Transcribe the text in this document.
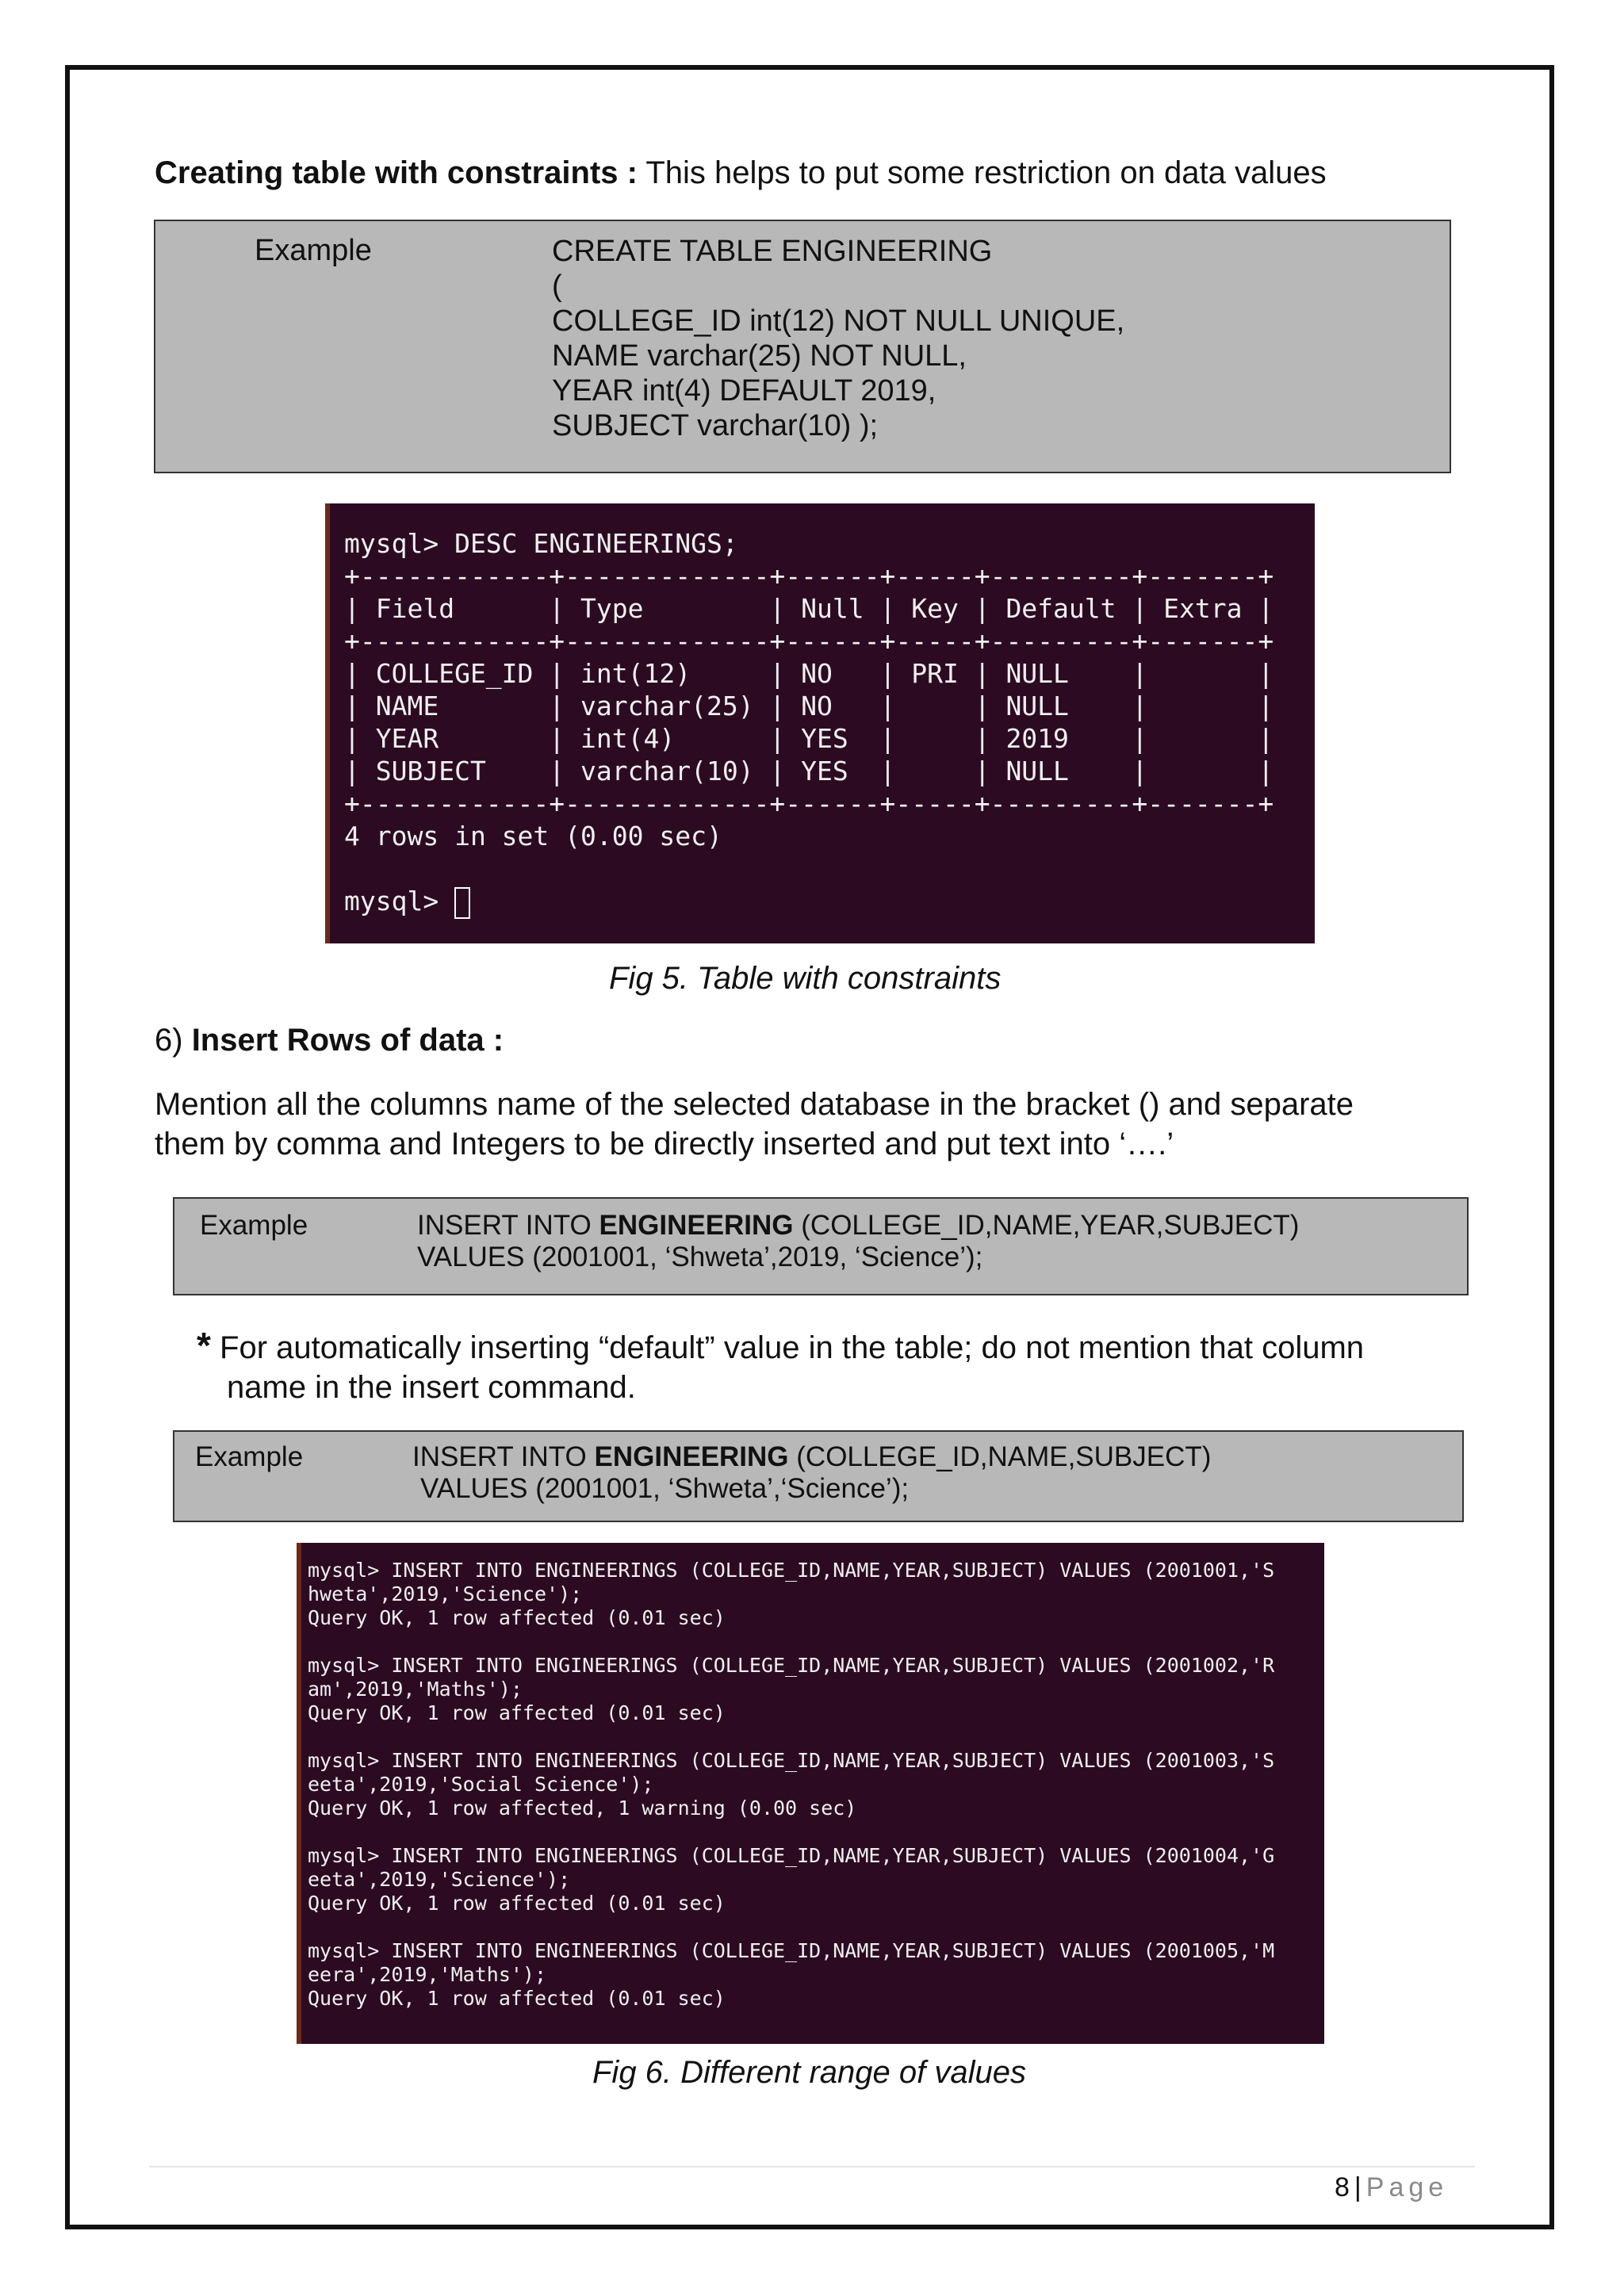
Creating table with constraints : This helps to put some restriction on data values
Example	CREATE TABLE ENGINEERING
(
COLLEGE_ID int(12) NOT NULL UNIQUE,
NAME varchar(25) NOT NULL,
YEAR int(4) DEFAULT 2019,
SUBJECT varchar(10) );
mysql> DESC ENGINEERINGS;
+------------+-------------+------+-----+---------+-------+
| Field      | Type        | Null | Key | Default | Extra |
+------------+-------------+------+-----+---------+-------+
| COLLEGE_ID | int(12)     | NO   | PRI | NULL    |       |
| NAME       | varchar(25) | NO   |     | NULL    |       |
| YEAR       | int(4)      | YES  |     | 2019    |       |
| SUBJECT    | varchar(10) | YES  |     | NULL    |       |
+------------+-------------+------+-----+---------+-------+
4 rows in set (0.00 sec)

mysql>
Fig 5. Table with constraints
6) Insert Rows of data :
Mention all the columns name of the selected database in the bracket () and separate
them by comma and Integers to be directly inserted and put text into ‘….’
Example	INSERT INTO ENGINEERING (COLLEGE_ID,NAME,YEAR,SUBJECT)
VALUES (2001001, ‘Shweta’,2019, ‘Science’);
* For automatically inserting “default” value in the table; do not mention that column
name in the insert command.
Example	INSERT INTO ENGINEERING (COLLEGE_ID,NAME,SUBJECT)
VALUES (2001001, ‘Shweta’,‘Science’);
mysql> INSERT INTO ENGINEERINGS (COLLEGE_ID,NAME,YEAR,SUBJECT) VALUES (2001001,'S
hweta',2019,'Science');
Query OK, 1 row affected (0.01 sec)
mysql> INSERT INTO ENGINEERINGS (COLLEGE_ID,NAME,YEAR,SUBJECT) VALUES (2001002,'R
am',2019,'Maths');
Query OK, 1 row affected (0.01 sec)
mysql> INSERT INTO ENGINEERINGS (COLLEGE_ID,NAME,YEAR,SUBJECT) VALUES (2001003,'S
eeta',2019,'Social Science');
Query OK, 1 row affected, 1 warning (0.00 sec)
mysql> INSERT INTO ENGINEERINGS (COLLEGE_ID,NAME,YEAR,SUBJECT) VALUES (2001004,'G
eeta',2019,'Science');
Query OK, 1 row affected (0.01 sec)
mysql> INSERT INTO ENGINEERINGS (COLLEGE_ID,NAME,YEAR,SUBJECT) VALUES (2001005,'M
eera',2019,'Maths');
Query OK, 1 row affected (0.01 sec)
Fig 6. Different range of values
8 | Page
